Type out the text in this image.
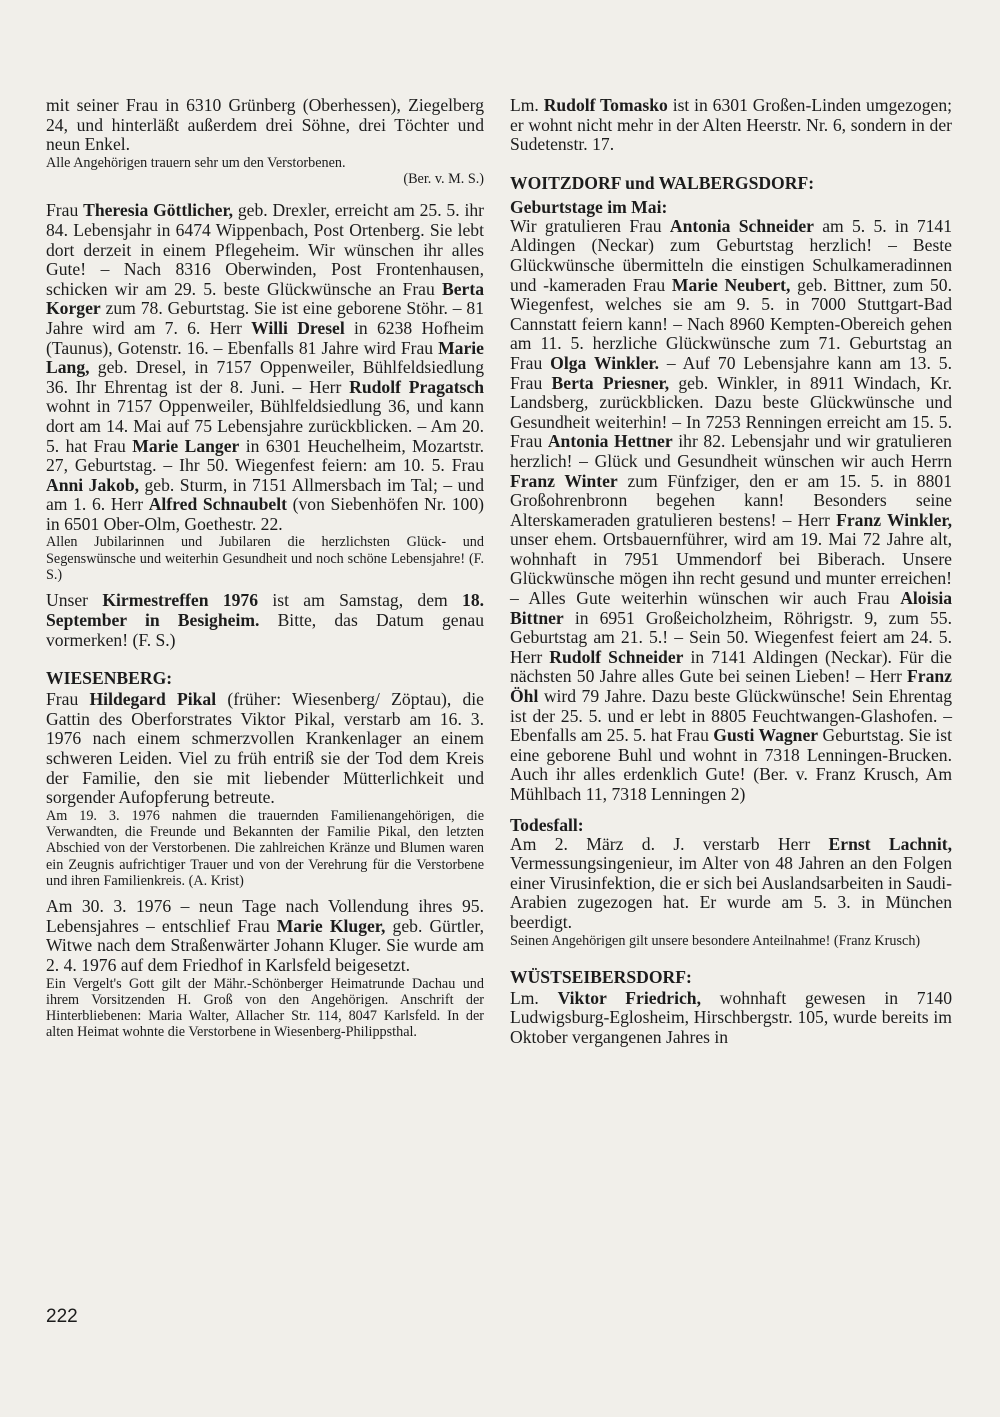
mit seiner Frau in 6310 Grünberg (Oberhessen), Ziegelberg 24, und hinterläßt außerdem drei Söhne, drei Töchter und neun Enkel.

Alle Angehörigen trauern sehr um den Verstorbenen.

(Ber. v. M. S.)

Frau Theresia Göttlicher, geb. Drexler, erreicht am 25. 5. ihr 84. Lebensjahr in 6474 Wippenbach, Post Ortenberg. Sie lebt dort derzeit in einem Pflegeheim. Wir wünschen ihr alles Gute! – Nach 8316 Oberwinden, Post Frontenhausen, schicken wir am 29. 5. beste Glückwünsche an Frau Berta Korger zum 78. Geburtstag. Sie ist eine geborene Stöhr. – 81 Jahre wird am 7. 6. Herr Willi Dresel in 6238 Hofheim (Taunus), Gotenstr. 16. – Ebenfalls 81 Jahre wird Frau Marie Lang, geb. Dresel, in 7157 Oppenweiler, Bühlfeldsiedlung 36. Ihr Ehrentag ist der 8. Juni. – Herr Rudolf Pragatsch wohnt in 7157 Oppenweiler, Bühlfeldsiedlung 36, und kann dort am 14. Mai auf 75 Lebensjahre zurückblicken. – Am 20. 5. hat Frau Marie Langer in 6301 Heuchelheim, Mozartstr. 27, Geburtstag. – Ihr 50. Wiegenfest feiern: am 10. 5. Frau Anni Jakob, geb. Sturm, in 7151 Allmersbach im Tal; – und am 1. 6. Herr Alfred Schnaubelt (von Siebenhöfen Nr. 100) in 6501 Ober-Olm, Goethestr. 22.

Allen Jubilarinnen und Jubilaren die herzlichsten Glück- und Segenswünsche und weiterhin Gesundheit und noch schöne Lebensjahre! (F. S.)

Unser Kirmestreffen 1976 ist am Samstag, dem 18. September in Besigheim. Bitte, das Datum genau vormerken! (F. S.)

WIESENBERG:

Frau Hildegard Pikal (früher: Wiesenberg/ Zöptau), die Gattin des Oberforstrates Viktor Pikal, verstarb am 16. 3. 1976 nach einem schmerzvollen Krankenlager an einem schweren Leiden. Viel zu früh entriß sie der Tod dem Kreis der Familie, den sie mit liebender Mütterlichkeit und sorgender Aufopferung betreute.

Am 19. 3. 1976 nahmen die trauernden Familienangehörigen, die Verwandten, die Freunde und Bekannten der Familie Pikal, den letzten Abschied von der Verstorbenen. Die zahlreichen Kränze und Blumen waren ein Zeugnis aufrichtiger Trauer und von der Verehrung für die Verstorbene und ihren Familienkreis. (A. Krist)

Am 30. 3. 1976 – neun Tage nach Vollendung ihres 95. Lebensjahres – entschlief Frau Marie Kluger, geb. Gürtler, Witwe nach dem Straßenwärter Johann Kluger. Sie wurde am 2. 4. 1976 auf dem Friedhof in Karlsfeld beigesetzt.

Ein Vergelt's Gott gilt der Mähr.-Schönberger Heimatrunde Dachau und ihrem Vorsitzenden H. Groß von den Angehörigen. Anschrift der Hinterbliebenen: Maria Walter, Allacher Str. 114, 8047 Karlsfeld. In der alten Heimat wohnte die Verstorbene in Wiesenberg-Philippsthal.

Lm. Rudolf Tomasko ist in 6301 Großen-Linden umgezogen; er wohnt nicht mehr in der Alten Heerstr. Nr. 6, sondern in der Sudetenstr. 17.

WOITZDORF und WALBERGSDORF:
Geburtstage im Mai:

Wir gratulieren Frau Antonia Schneider am 5. 5. in 7141 Aldingen (Neckar) zum Geburtstag herzlich! – Beste Glückwünsche übermitteln die einstigen Schulkameradinnen und -kameraden Frau Marie Neubert, geb. Bittner, zum 50. Wiegenfest, welches sie am 9. 5. in 7000 Stuttgart-Bad Cannstatt feiern kann! – Nach 8960 Kempten-Obereich gehen am 11. 5. herzliche Glückwünsche zum 71. Geburtstag an Frau Olga Winkler. – Auf 70 Lebensjahre kann am 13. 5. Frau Berta Priesner, geb. Winkler, in 8911 Windach, Kr. Landsberg, zurückblicken. Dazu beste Glückwünsche und Gesundheit weiterhin! – In 7253 Renningen erreicht am 15. 5. Frau Antonia Hettner ihr 82. Lebensjahr und wir gratulieren herzlich! – Glück und Gesundheit wünschen wir auch Herrn Franz Winter zum Fünfziger, den er am 15. 5. in 8801 Großohrenbronn begehen kann! Besonders seine Alterskameraden gratulieren bestens! – Herr Franz Winkler, unser ehem. Ortsbauernführer, wird am 19. Mai 72 Jahre alt, wohnhaft in 7951 Ummendorf bei Biberach. Unsere Glückwünsche mögen ihn recht gesund und munter erreichen! – Alles Gute weiterhin wünschen wir auch Frau Aloisia Bittner in 6951 Großeicholzheim, Röhrigstr. 9, zum 55. Geburtstag am 21. 5.! – Sein 50. Wiegenfest feiert am 24. 5. Herr Rudolf Schneider in 7141 Aldingen (Neckar). Für die nächsten 50 Jahre alles Gute bei seinen Lieben! – Herr Franz Öhl wird 79 Jahre. Dazu beste Glückwünsche! Sein Ehrentag ist der 25. 5. und er lebt in 8805 Feuchtwangen-Glashofen. – Ebenfalls am 25. 5. hat Frau Gusti Wagner Geburtstag. Sie ist eine geborene Buhl und wohnt in 7318 Lenningen-Brucken. Auch ihr alles erdenklich Gute! (Ber. v. Franz Krusch, Am Mühlbach 11, 7318 Lenningen 2)

Todesfall:

Am 2. März d. J. verstarb Herr Ernst Lachnit, Vermessungsingenieur, im Alter von 48 Jahren an den Folgen einer Virusinfektion, die er sich bei Auslandsarbeiten in Saudi-Arabien zugezogen hat. Er wurde am 5. 3. in München beerdigt.

Seinen Angehörigen gilt unsere besondere Anteilnahme! (Franz Krusch)

WÜSTSEIBERSDORF:

Lm. Viktor Friedrich, wohnhaft gewesen in 7140 Ludwigsburg-Eglosheim, Hirschbergstr. 105, wurde bereits im Oktober vergangenen Jahres in

222
